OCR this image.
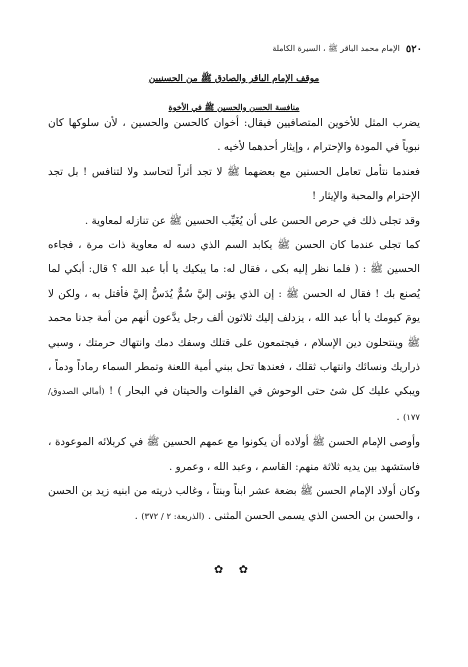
٥٢٠
الإمام محمد الباقر ﷺ ، السيرة الكاملة
موقف الإمام الباقر والصادق ﷺ من الحسنيين
منافسة الحسن والحسين ﷺ في الأخوة

يضرب المثل للأخوين المتصافيين فيقال: أخوان كالحسن والحسين ، لأن سلوكها كان نبوياً في المودة والإحترام ، وإيثار أحدهما لأخيه .

فعندما نتأمل تعامل الحسنين مع بعضهما ﷺ لا تجد أثراً لتحاسد ولا لتنافس ! بل تجد الإحترام والمحبة والإيثار !

وقد تجلى ذلك في حرص الحسن على أن يُغَيِّب الحسين ﷺ عن تنازله لمعاوية .

كما تجلى عندما كان الحسن ﷺ يكابد السم الذي دسه له معاوية ذات مرة ، فجاءه الحسين ﷺ : ( فلما نظر إليه بكى ، فقال له: ما يبكيك يا أبا عبد الله ؟ قال: أبكي لما يُصنع بك ! فقال له الحسن ﷺ : إن الذي يؤتى إليَّ سُمٌّ يُدَسُّ إليَّ فأقتل به ، ولكن لا يومَ كيومك يا أبا عبد الله ، يزدلف إليك ثلاثون ألف رجل يدَّعون أنهم من أمة جدنا محمد ﷺ وينتحلون دين الإسلام ، فيجتمعون على قتلك وسفك دمك وانتهاك حرمتك ، وسبي ذراريك ونسائك وانتهاب ثقلك ، فعندها تحل ببني أمية اللعنة وتمطر السماء رماداً ودماً ، ويبكي عليك كل شئ حتى الوحوش في الفلوات والحيتان في البحار ) ! (أمالي الصدوق/١٧٧) .

وأوصى الإمام الحسن ﷺ أولاده أن يكونوا مع عمهم الحسين ﷺ في كربلائه الموعودة ، فاستشهد بين يديه ثلاثة منهم: القاسم ، وعبد الله ، وعمرو .

وكان أولاد الإمام الحسن ﷺ بضعة عشر ابناً وبنتاً ، وغالب ذريته من ابنيه زيد بن الحسن ، والحسن بن الحسن الذي يسمى الحسن المثنى . (الذريعة: ٢ / ٣٧٢) .

✿ ✿
